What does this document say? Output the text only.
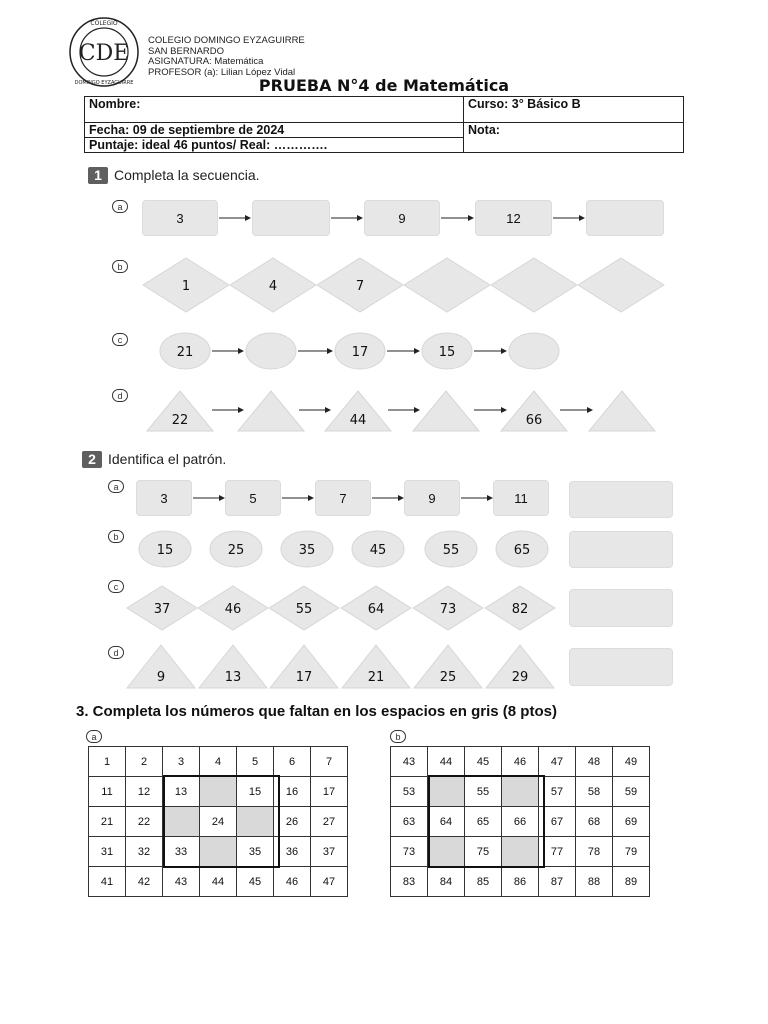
CDE
COLEGIO
DOMINGO EYZAGUIRRE
COLEGIO DOMINGO EYZAGUIRRE
SAN BERNARDO
ASIGNATURA: Matemática
PROFESOR (a): Lilian López Vidal
PRUEBA N°4 de Matemática
Nombre:	Curso: 3° Básico B
Fecha: 09 de septiembre de 2024	Nota:
Puntaje: ideal 46 puntos/ Real: ………….	
1 Completa la secuencia.
a
b
c
d
3	9	12
1	4	7
21	17	15
22	44	66
15	25	35	45	55	65
37	46	55	64	73	82
9	13	17	21	25	29
2 Identifica el patrón.
a
b
c
d
3	5	7	9	11
3. Completa los números que faltan en los espacios en gris (8 ptos)
a	b
1	2	3	4	5	6	7
11	12	13		15	16	17
21	22		24		26	27
31	32	33		35	36	37
41	42	43	44	45	46	47
43	44	45	46	47	48	49
53		55		57	58	59
63	64	65	66	67	68	69
73		75		77	78	79
83	84	85	86	87	88	89
